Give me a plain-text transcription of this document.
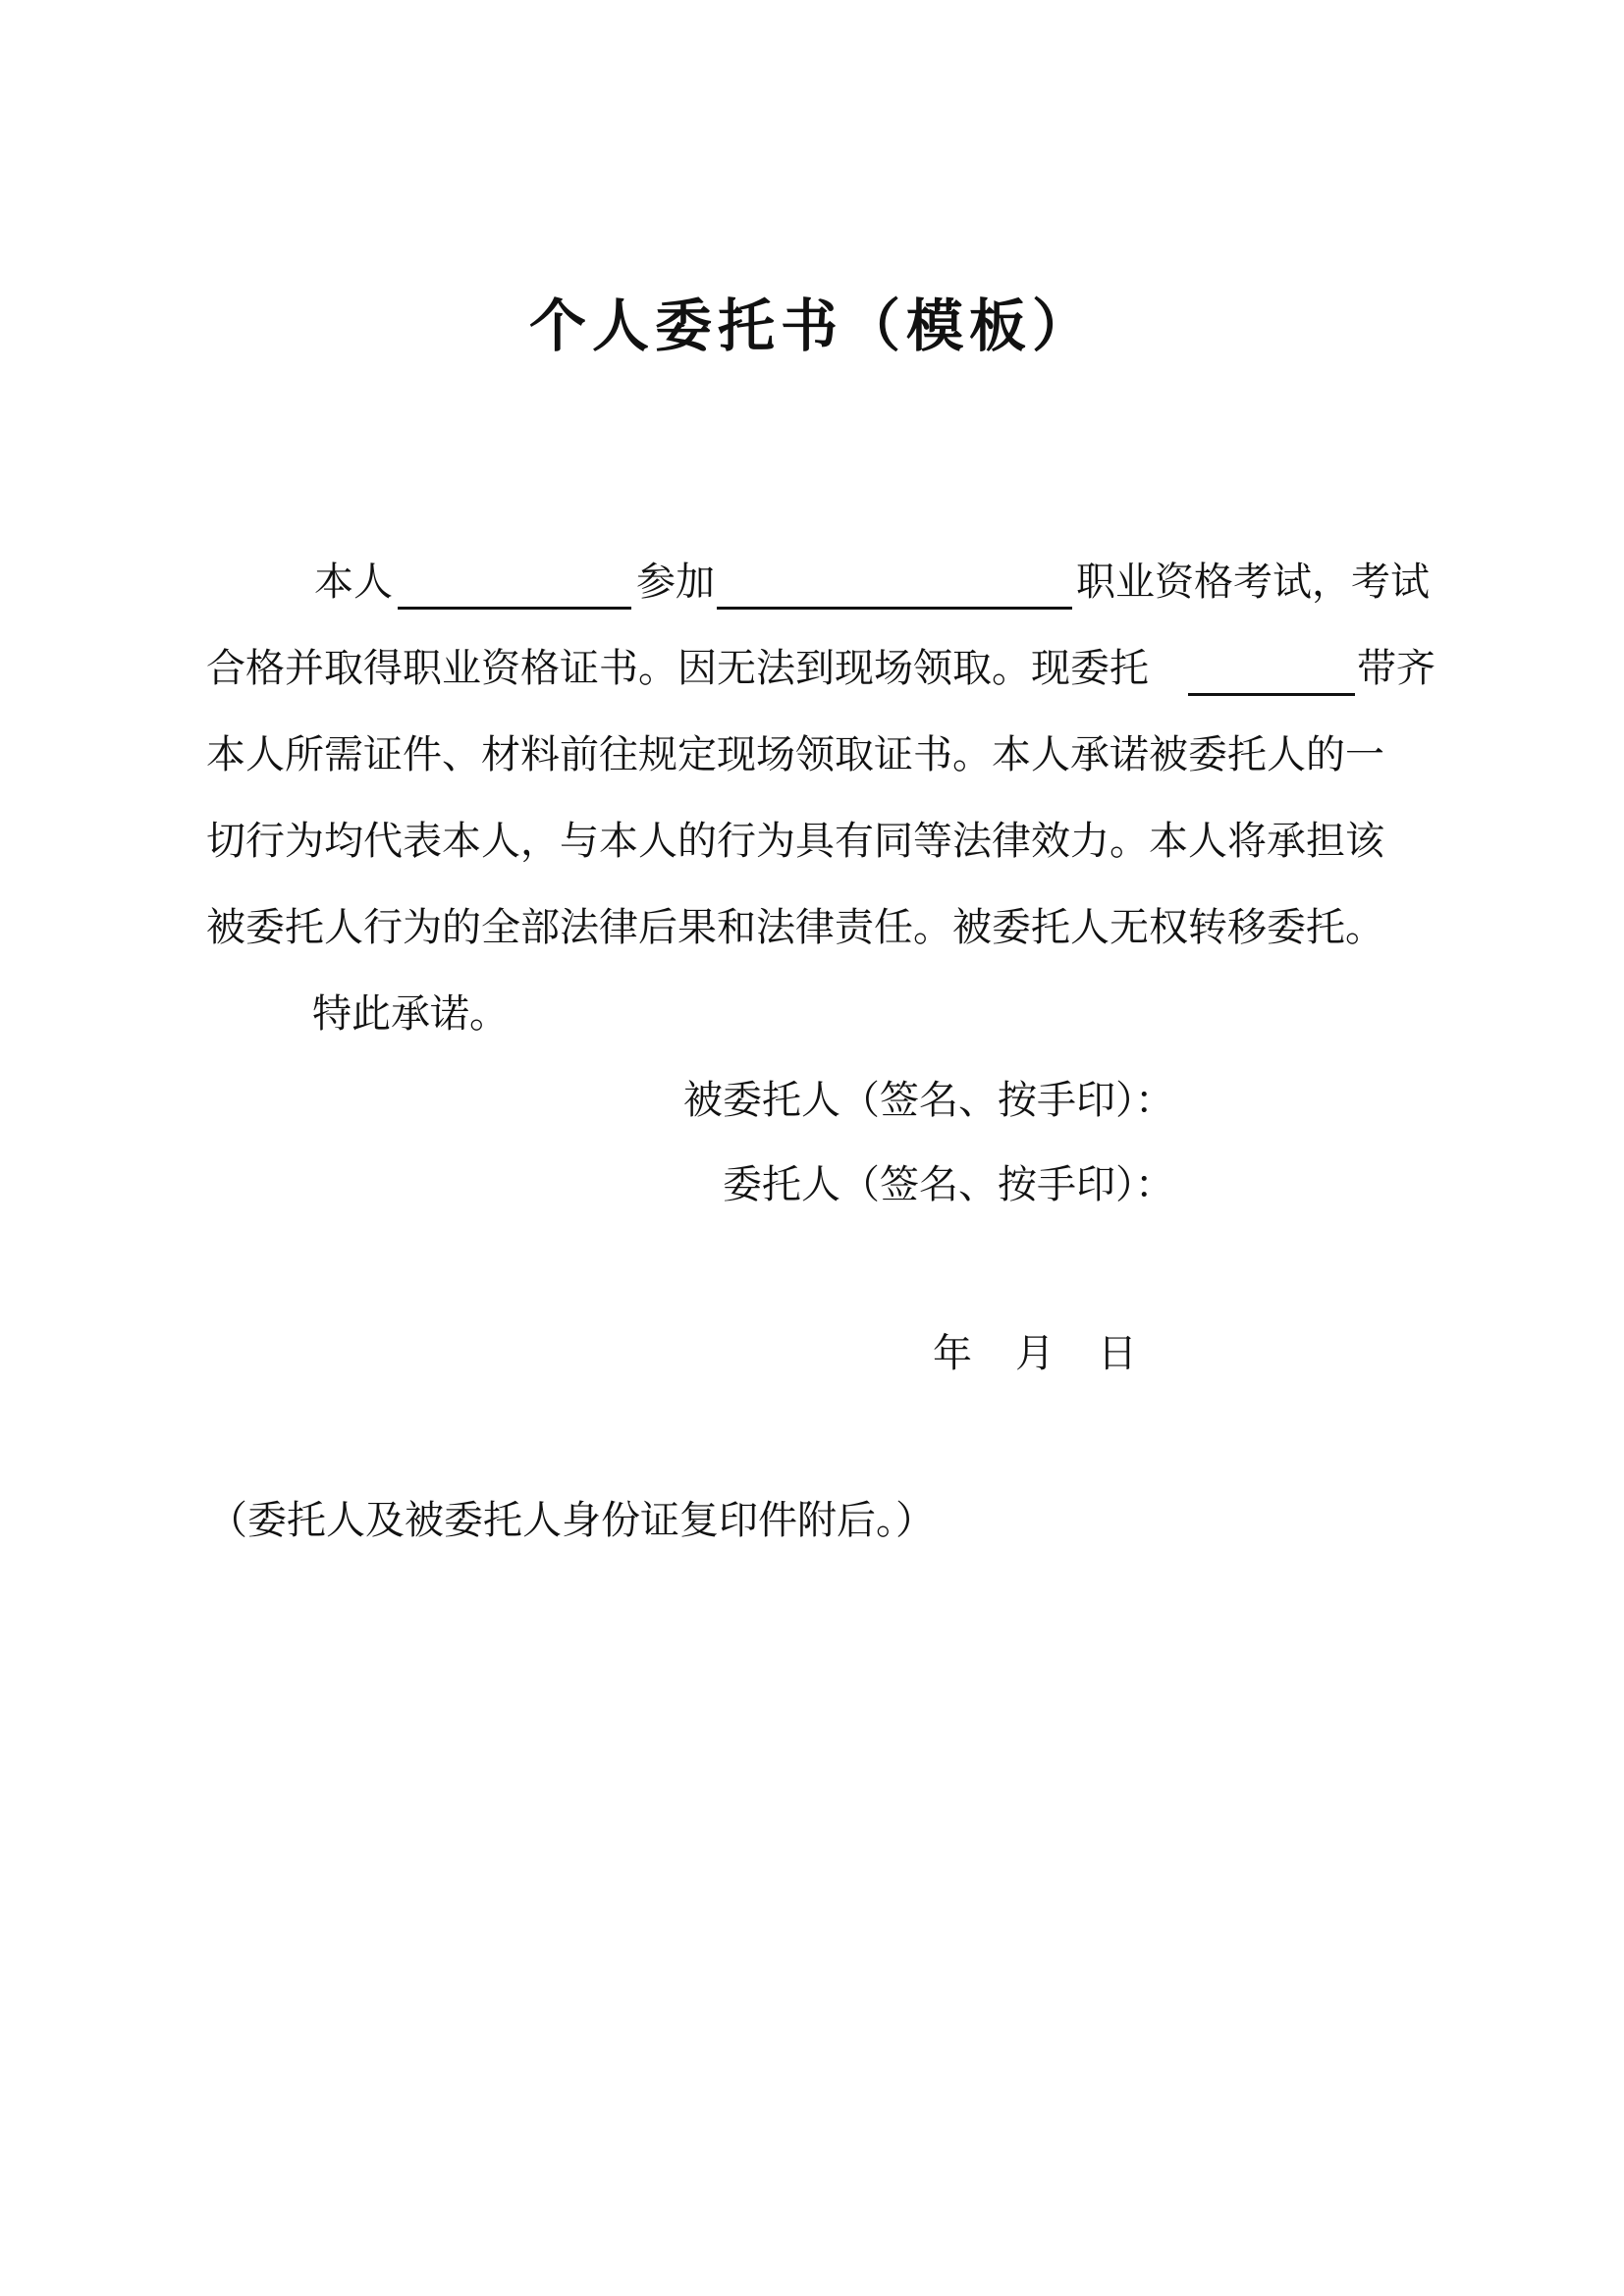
个人委托书（模板）
本人	参加	职业资格考试，考试
合格并取得职业资格证书。因无法到现场领取。现委托	带齐
本人所需证件、材料前往规定现场领取证书。本人承诺被委托人的一
切行为均代表本人，与本人的行为具有同等法律效力。本人将承担该
被委托人行为的全部法律后果和法律责任。被委托人无权转移委托。
特此承诺。
被委托人（签名、按手印）：
委托人（签名、按手印）：
年 月 日
（委托人及被委托人身份证复印件附后。）
